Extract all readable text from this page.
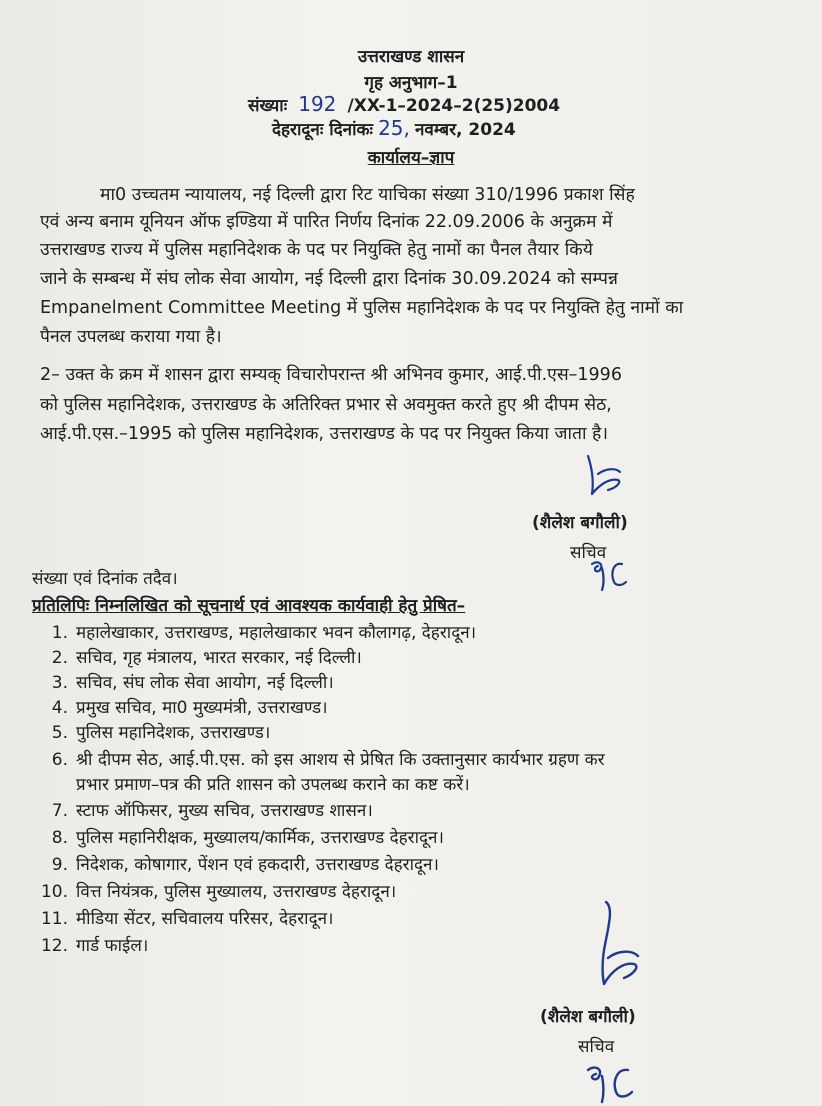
उत्तराखण्ड शासन
गृह अनुभाग–1
संख्याः 192 /XX-1–2024–2(25)2004
देहरादूनः दिनांकः 25, नवम्बर, 2024
कार्यालय–ज्ञाप
मा0 उच्चतम न्यायालय, नई दिल्ली द्वारा रिट याचिका संख्या 310/1996 प्रकाश सिंह
एवं अन्य बनाम यूनियन ऑफ इण्डिया में पारित निर्णय दिनांक 22.09.2006 के अनुक्रम में
उत्तराखण्ड राज्य में पुलिस महानिदेशक के पद पर नियुक्ति हेतु नामों का पैनल तैयार किये
जाने के सम्बन्ध में संघ लोक सेवा आयोग, नई दिल्ली द्वारा दिनांक 30.09.2024 को सम्पन्न
Empanelment Committee Meeting में पुलिस महानिदेशक के पद पर नियुक्ति हेतु नामों का
पैनल उपलब्ध कराया गया है।
2– उक्त के क्रम में शासन द्वारा सम्यक् विचारोपरान्त श्री अभिनव कुमार, आई.पी.एस–1996
को पुलिस महानिदेशक, उत्तराखण्ड के अतिरिक्त प्रभार से अवमुक्त करते हुए श्री दीपम सेठ,
आई.पी.एस.–1995 को पुलिस महानिदेशक, उत्तराखण्ड के पद पर नियुक्त किया जाता है।
(शैलेश बगौली)
सचिव
संख्या एवं दिनांक तदैव।
प्रतिलिपिः निम्नलिखित को सूचनार्थ एवं आवश्यक कार्यवाही हेतु प्रेषित–
1. महालेखाकार, उत्तराखण्ड, महालेखाकार भवन कौलागढ़, देहरादून।
2. सचिव, गृह मंत्रालय, भारत सरकार, नई दिल्ली।
3. सचिव, संघ लोक सेवा आयोग, नई दिल्ली।
4. प्रमुख सचिव, मा0 मुख्यमंत्री, उत्तराखण्ड।
5. पुलिस महानिदेशक, उत्तराखण्ड।
6. श्री दीपम सेठ, आई.पी.एस. को इस आशय से प्रेषित कि उक्तानुसार कार्यभार ग्रहण कर
प्रभार प्रमाण–पत्र की प्रति शासन को उपलब्ध कराने का कष्ट करें।
7. स्टाफ ऑफिसर, मुख्य सचिव, उत्तराखण्ड शासन।
8. पुलिस महानिरीक्षक, मुख्यालय/कार्मिक, उत्तराखण्ड देहरादून।
9. निदेशक, कोषागार, पेंशन एवं हकदारी, उत्तराखण्ड देहरादून।
10. वित्त नियंत्रक, पुलिस मुख्यालय, उत्तराखण्ड देहरादून।
11. मीडिया सेंटर, सचिवालय परिसर, देहरादून।
12. गार्ड फाईल।
(शैलेश बगौली)
सचिव
